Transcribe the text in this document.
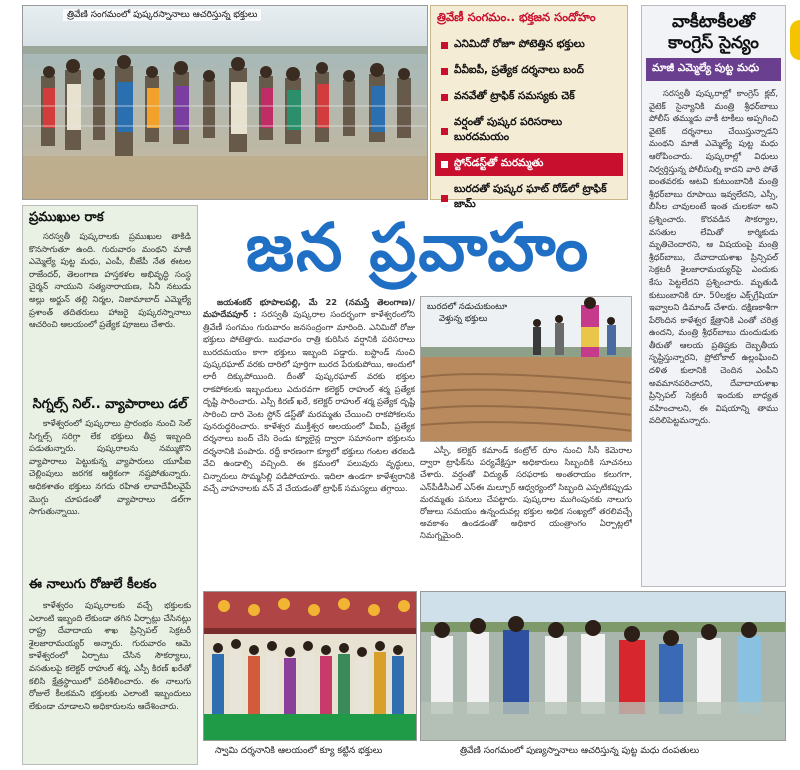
త్రివేణి సంగమంలో పుష్కరస్నానాలు ఆచరిస్తున్న భక్తులు	త్రివేణీ సంగమం.. భక్తజన సందోహం
ఎనిమిదో రోజూ పోటెత్తిన భక్తులు
వీవీఐపీ, ప్రత్యేక దర్శనాలు బంద్
వనవేతో ట్రాఫిక్ సమస్యకు చెక్
వర్షంతో పుష్కర పరిసరాలు బురదమయం
స్టోన్‌డస్ట్‌తో మరమ్మతు
బురదతో పుష్కర ఘాట్ రోడ్‌లో ట్రాఫిక్ జామ్
వాకీటాకీలతో కాంగ్రెస్ సైన్యం
మాజీ ఎమ్మెల్యే పుట్ట మధు

సరస్వతీ పుష్కరాల్లో కాంగ్రెస్ క్లబ్, వైటెక్ సైన్యానికి మంత్రి శ్రీధర్‌బాబు పోలీస్ తమ్ముడు వాకీ టాకీలు అప్పగించి వైటెక్ దర్శనాలు చేయిస్తున్నాడని మంథని మాజీ ఎమ్మెల్యే పుట్ట మధు ఆరోపించారు. పుష్కరాల్లో విధులు నిర్వర్తిస్తున్న పోలీసుల్ని కాదని వారి పోతే ఐంతవరకు ఆటవి కుటుంబానికి మంత్రి శ్రీధర్‌బాబు రూపాయి ఇవ్వలేదని, ఎస్సీ, బీసీల చావులంటే ఇంత చులకనా అని ప్రశ్నించారు. కొరవడిన సౌకర్యాల, వసతుల లేమితో కార్మికుడు మృతిచెందారని, ఆ విషయంపై మంత్రి శ్రీధర్‌బాబు, దేవాదాయశాఖ ప్రిన్సిపల్ సెక్రటరీ శైలజారామయ్యర్‌పై ఎందుకు కేసు పెట్టలేదని ప్రశ్నించారు. మృతుడి కుటుంబానికి రూ. 50లక్షల ఎక్స్‌గ్రేషియా ఇవ్వాలని డిమాండ్ చేశారు. దక్షిణకాశీగా పేరొందిన కాళేశ్వర క్షేత్రానికి ఎంతో చరిత్ర ఉందని, మంత్రి శ్రీధర్‌బాబు దుందుడుకు తీరుతో ఆలయ ప్రతిష్టకు దెబ్బతీయ సృష్టిస్తున్నారని, ప్రోటోకాల్ ఉల్లంఘించి దళిత కులానికి చెందిన ఎంపీని అవమానపరిచారని, దేవాదాయశాఖ ప్రిన్సిపల్ సెక్రటరీ ఇందుకు బాధ్యత వహించాలని, ఈ విషయాన్ని తాము వదిలిపెట్టమన్నారు.

ప్రముఖుల రాక

సరస్వతీ పుష్కరాలకు ప్రముఖుల తాకిడి కొనసాగుతూ ఉంది. గురువారం మంథని మాజీ ఎమ్మెల్యే పుట్ట మధు, ఎంపీ, బీజేపీ నేత ఈటల రాజేందర్, తెలంగాణ హస్తకళల అభివృద్ధి సంస్థ చైర్మన్ నాయుని సత్యనారాయణ, సినీ నటుడు అల్లు అర్జున్ తల్లి నిర్మల, నిజామాబాద్ ఎమ్మెల్యే ప్రశాంత్ తదితరులు హాజరై పుష్కరస్నానాలు ఆచరించి ఆలయంలో ప్రత్యేక పూజలు చేశారు.

సిగ్నల్స్ నిల్.. వ్యాపారాలు డల్

కాళేశ్వరంలో పుష్కరాలు ప్రారంభం నుంచి సెల్ సిగ్నల్స్ సరిగ్గా లేక భక్తులు తీవ్ర ఇబ్బంది పడుతున్నారు. పుష్కరాలను నమ్ముకొని వ్యాపారాలు పెట్టుకున్న వ్యాపారులు యూపీఐ చెల్లింపులు జరగక ఆర్థికంగా నష్టపోతున్నారు. అధికశాతం భక్తులు నగదు రహిత లావాదేవీలవైపే మొగ్గు చూపడంతో వ్యాపారాలు డల్‌గా సాగుతున్నాయి.

ఈ నాలుగు రోజులే కీలకం

కాళేశ్వరం పుష్కరాలకు వచ్చే భక్తులకు ఎలాంటి ఇబ్బంది లేకుండా తగిన ఏర్పాట్లు చేసినట్లు రాష్ట్ర దేవాదాయ శాఖ ప్రిన్సిపల్ సెక్రటరీ శైలజారామయ్యర్ అన్నారు. గురువారం ఆమె కాళేశ్వరంలో ఏర్పాటు చేసిన సౌకర్యాలు, వసతులపై కలెక్టర్ రాహుల్ శర్మ, ఎస్పీ కిరణ్ ఖరేతో కలిసి క్షేత్రస్థాయిలో పరిశీలించారు. ఈ నాలుగు రోజులే కీలకమని భక్తులకు ఎలాంటి ఇబ్బందులు లేకుండా చూడాలని అధికారులను ఆదేశించారు.

జన ప్రవాహం

జయశంకర్ భూపాలపల్లి, మే 22 (నమస్తే తెలంగాణ)/మహదేవపూర్ : సరస్వతీ పుష్కరాల సందర్భంగా కాళేశ్వరంలోని త్రివేణీ సంగమం గురువారం జనసంద్రంగా మారింది. ఎనిమిదో రోజు భక్తులు పోటెత్తారు. బుధవారం రాత్రి కురిసిన వర్షానికి పరిసరాలు బురదమయం కాగా భక్తులు ఇబ్బంది పడ్డారు. బస్టాండ్ నుంచి పుష్కరఘాట్ వరకు దారిలో పూర్తిగా బురద పేరుకుపోయి, అందులో లారీ దిక్కుపోయింది. దీంతో పుష్కరఘాట్ వరకు భక్తుల రాకపోకలకు ఇబ్బందులు ఎదురవగా కలెక్టర్ రాహుల్ శర్మ ప్రత్యేక దృష్టి సారించారు. ఎస్పీ కిరణ్ ఖరే, కలెక్టర్ రాహుల్ శర్మ ప్రత్యేక దృష్టి సారించి దారి వెంట స్టోన్ డస్ట్‌తో మరమ్మతు చేయించి రాకపోకలను పునరుద్ధరించారు. కాళేశ్వర ముక్తీశ్వర ఆలయంలో వీఐపీ, ప్రత్యేక దర్శనాలు బంద్ చేసి రెండు క్యూలైన్ల ద్వారా సమానంగా భక్తులను దర్శనానికి పంపారు. రద్దీ కారణంగా క్యూలో భక్తులు గంటల తరబడి వేచి ఉండాల్సి వచ్చింది. ఈ క్రమంలో పలువురు వృద్ధులు, చిన్నారులు సొమ్మసిల్లి పడిపోయారు. ఇదిలా ఉండగా కాళేశ్వరానికి వచ్చే వాహనాలకు వన్ వే చేయడంతో ట్రాఫిక్ సమస్యలు తగ్గాయి.

బురదలో నడుచుకుంటూ
వెళ్తున్న భక్తులు

ఎస్పీ, కలెక్టర్ కమాండ్ కంట్రోల్ రూం నుంచి సీసీ కెమెరాల ద్వారా ట్రాఫిక్‌ను పర్యవేక్షిస్తూ అధికారులు సిబ్బందికి సూచనలు చేశారు. వర్షంతో విద్యుత్ సరఫరాకు అంతరాయం కలుగగా, ఎన్‌పీడీసీఎల్ ఎస్‌ఈ మల్చూర్ ఆధ్వర్యంలో సిబ్బంది ఎప్పటికప్పుడు మరమ్మతు పనులు చేపట్టారు. పుష్కరాల ముగింపునకు నాలుగు రోజులు సమయం ఉన్నందువల్ల భక్తుల అధిక సంఖ్యలో తరలివచ్చే అవకాశం ఉండడంతో అధికార యంత్రాంగం ఏర్పాట్లలో నిమగ్నమైంది.

స్వామి దర్శనానికి ఆలయంలో క్యూ కట్టిన భక్తులు	త్రివేణి సంగమంలో పుణ్యస్నానాలు ఆచరిస్తున్న పుట్ట మధు దంపతులు
